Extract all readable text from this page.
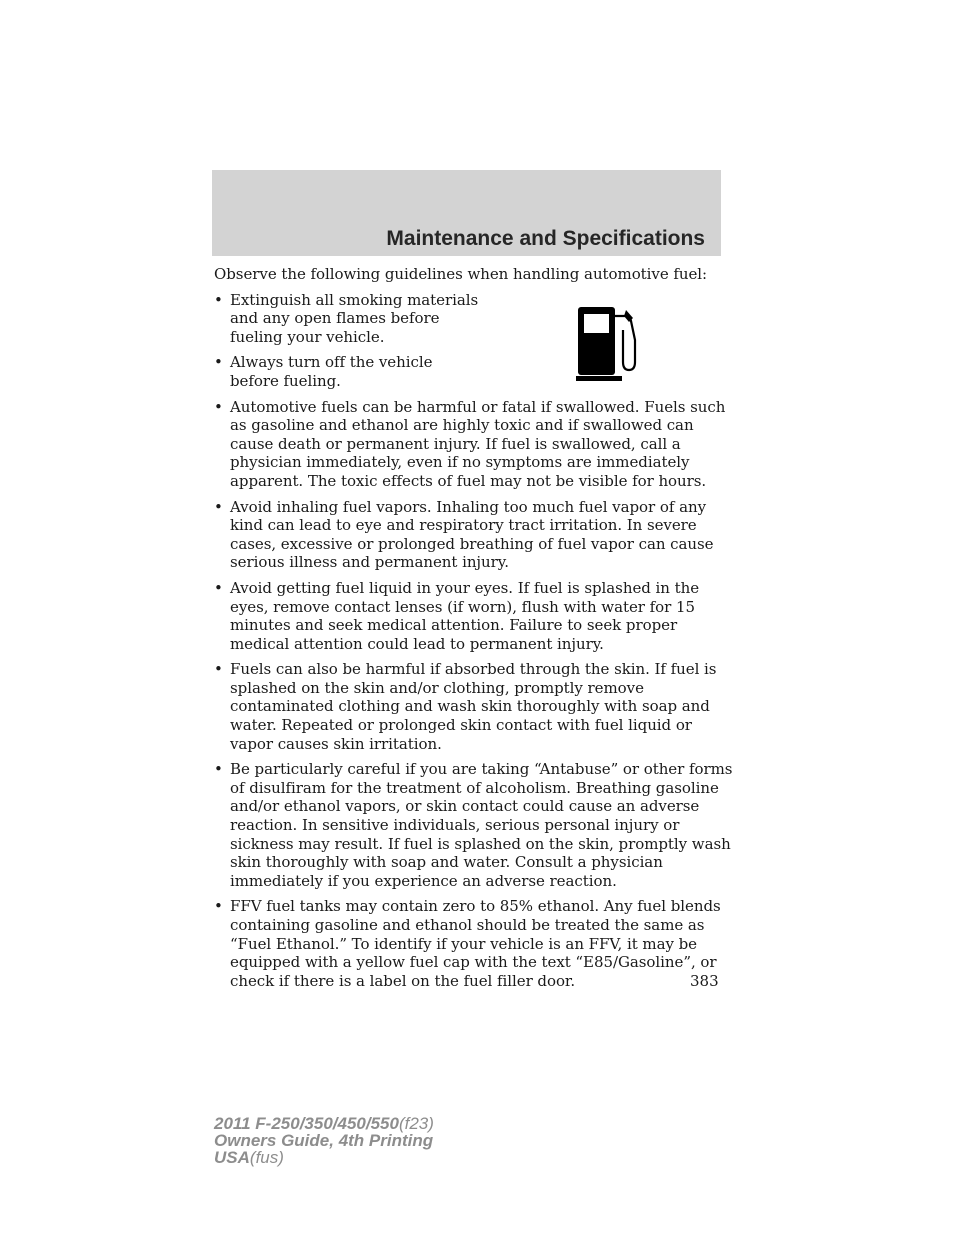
Maintenance and Specifications

Observe the following guidelines when handling automotive fuel:

• Extinguish all smoking materials and any open flames before fueling your vehicle.
• Always turn off the vehicle before fueling.
• Automotive fuels can be harmful or fatal if swallowed. Fuels such as gasoline and ethanol are highly toxic and if swallowed can cause death or permanent injury. If fuel is swallowed, call a physician immediately, even if no symptoms are immediately apparent. The toxic effects of fuel may not be visible for hours.
• Avoid inhaling fuel vapors. Inhaling too much fuel vapor of any kind can lead to eye and respiratory tract irritation. In severe cases, excessive or prolonged breathing of fuel vapor can cause serious illness and permanent injury.
• Avoid getting fuel liquid in your eyes. If fuel is splashed in the eyes, remove contact lenses (if worn), flush with water for 15 minutes and seek medical attention. Failure to seek proper medical attention could lead to permanent injury.
• Fuels can also be harmful if absorbed through the skin. If fuel is splashed on the skin and/or clothing, promptly remove contaminated clothing and wash skin thoroughly with soap and water. Repeated or prolonged skin contact with fuel liquid or vapor causes skin irritation.
• Be particularly careful if you are taking “Antabuse” or other forms of disulfiram for the treatment of alcoholism. Breathing gasoline and/or ethanol vapors, or skin contact could cause an adverse reaction. In sensitive individuals, serious personal injury or sickness may result. If fuel is splashed on the skin, promptly wash skin thoroughly with soap and water. Consult a physician immediately if you experience an adverse reaction.
• FFV fuel tanks may contain zero to 85% ethanol. Any fuel blends containing gasoline and ethanol should be treated the same as “Fuel Ethanol.” To identify if your vehicle is an FFV, it may be equipped with a yellow fuel cap with the text “E85/Gasoline”, or check if there is a label on the fuel filler door.	383
2011 F-250/350/450/550(f23)
Owners Guide, 4th Printing
USA(fus)
